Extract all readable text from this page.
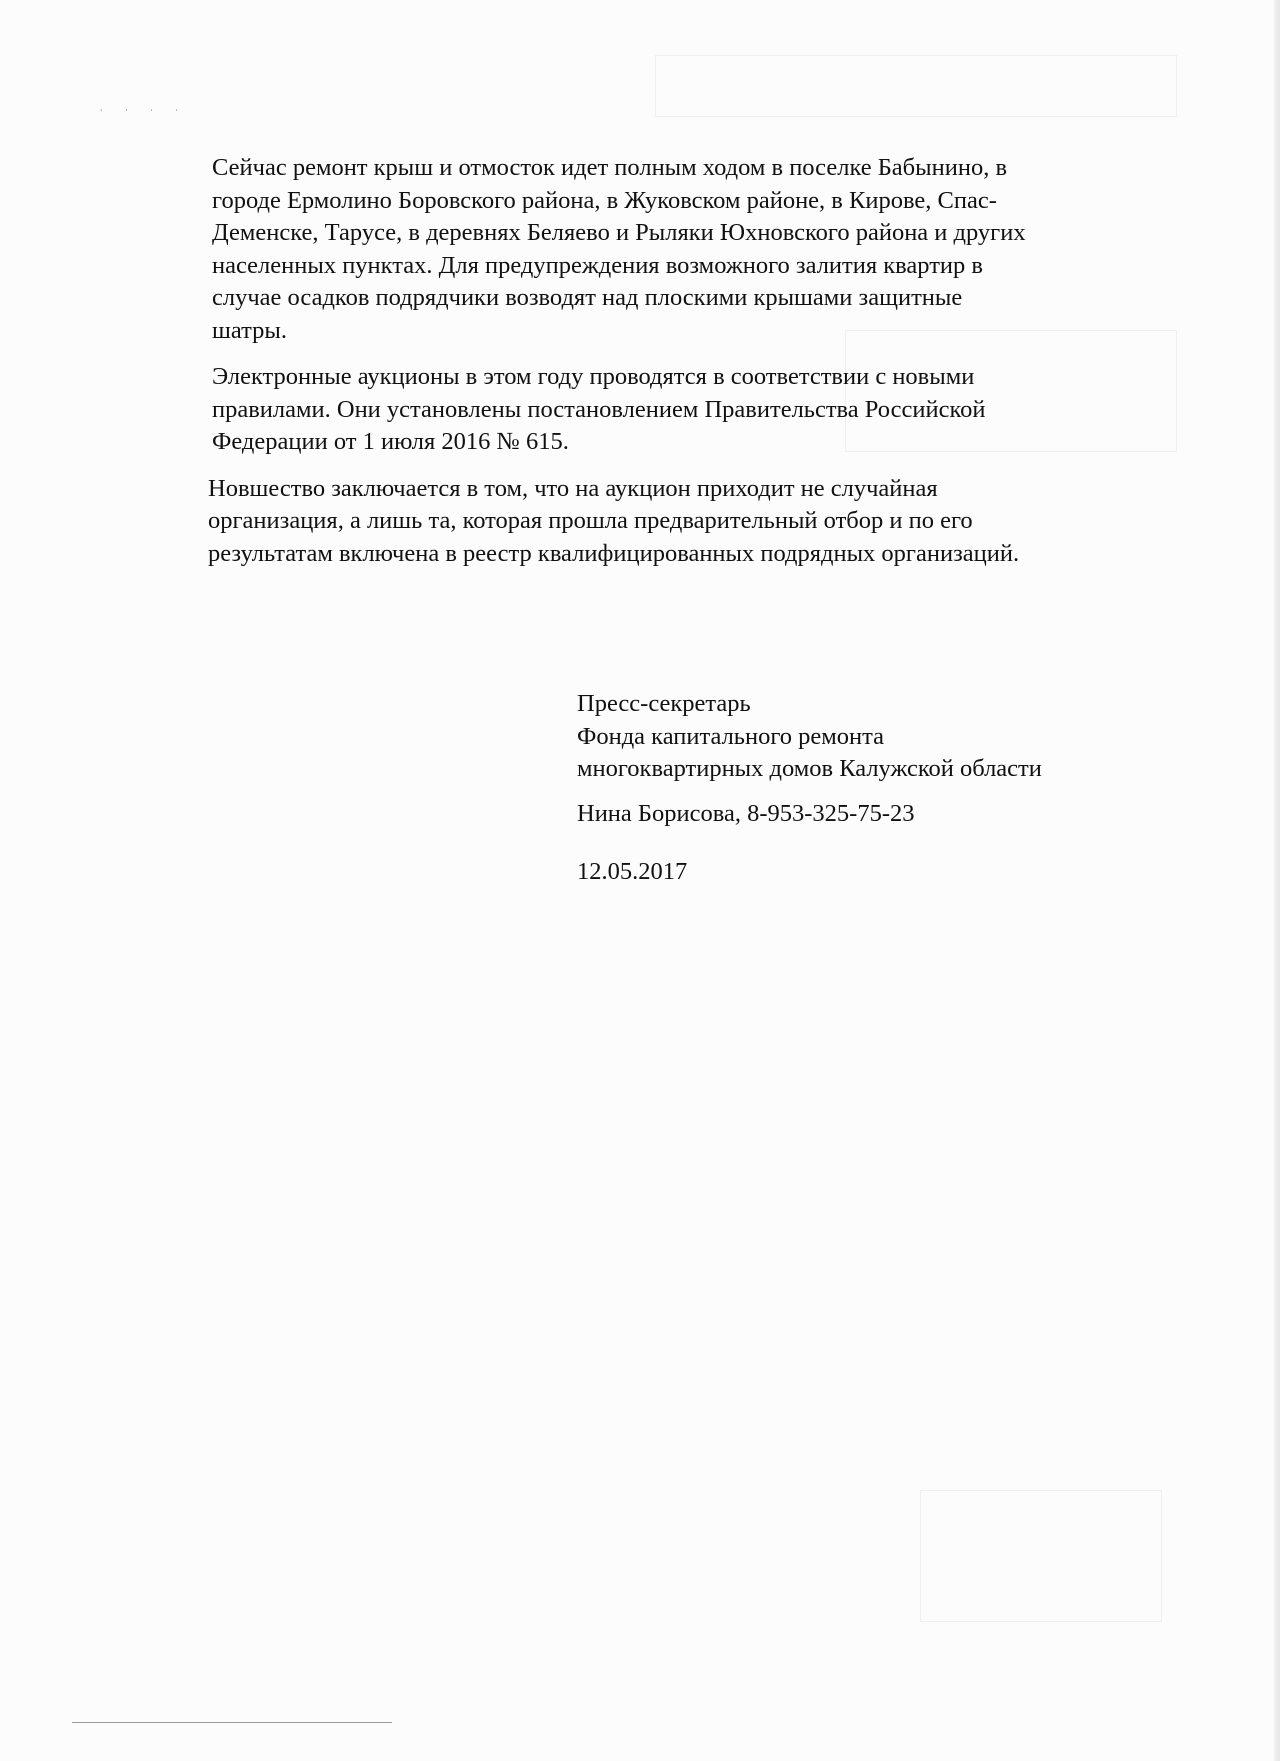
· · · ·

Сейчас ремонт крыш и отмосток идет полным ходом в поселке Бабынино, в
городе Ермолино Боровского района, в Жуковском районе, в Кирове, Спас-
Деменске, Тарусе, в деревнях Беляево и Рыляки Юхновского района и других
населенных пунктах. Для предупреждения возможного залития квартир в
случае осадков подрядчики возводят над плоскими крышами защитные
шатры.

Электронные аукционы в этом году проводятся в соответствии с новыми
правилами. Они установлены постановлением Правительства Российской
Федерации от 1 июля 2016 № 615.

Новшество заключается в том, что на аукцион приходит не случайная
организация, а лишь та, которая прошла предварительный отбор и по его
результатам включена в реестр квалифицированных подрядных организаций.

Пресс-секретарь
Фонда капитального ремонта
многоквартирных домов Калужской области
Нина Борисова, 8-953-325-75-23
12.05.2017
